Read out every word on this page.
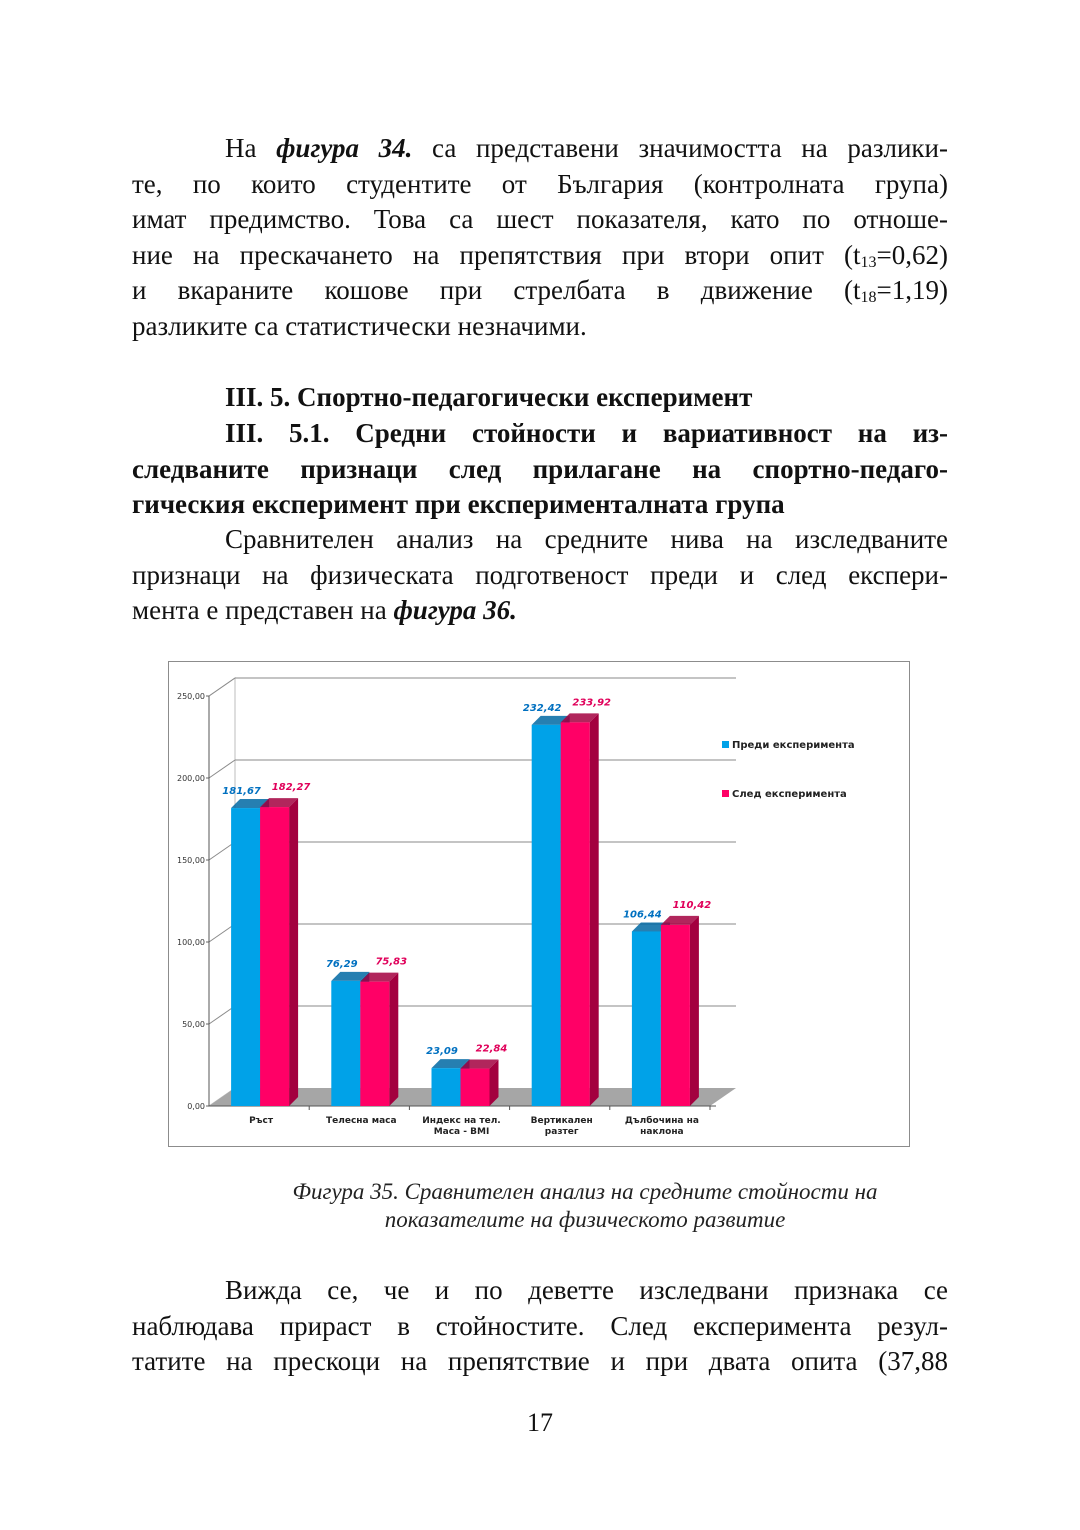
На фигура 34. са представени значимостта на разлики-
те, по които студентите от България (контролната група)
имат предимство. Това са шест показателя, като по отноше-
ние на прескачането на препятствия при втори опит $(t_{13}=0,62)$
и вкараните кошове при стрелбата в движение $(t_{18}=1,19)$
разликите са статистически незначими.
III. 5. Спортно-педагогически експеримент
III. 5.1. Средни стойности и вариативност на из-
следваните признаци след прилагане на спортно-педаго-
гическия експеримент при експерименталната група
Сравнителен анализ на средните нива на изследваните
признаци на физическата подготвеност преди и след експери-
мента е представен на фигура 36.
0,00
50,00
100,00
150,00
200,00
250,00
181,67 182,27
Ръст
76,29 75,83
Телесна маса
23,09 22,84
Индекс на тел.
Маса - BMI
232,42 233,92
Вертикален
разтег
106,44
110,42
Дълбочина на
наклона
Преди експеримента
След експеримента
Фигура 35. Сравнителен анализ на средните стойности на
показателите на физическото развитие
Вижда се, че и по деветте изследвани признака се
наблюдава прираст в стойностите. След експеримента резул-
татите на прескоци на препятствие и при двата опита (37,88
17
